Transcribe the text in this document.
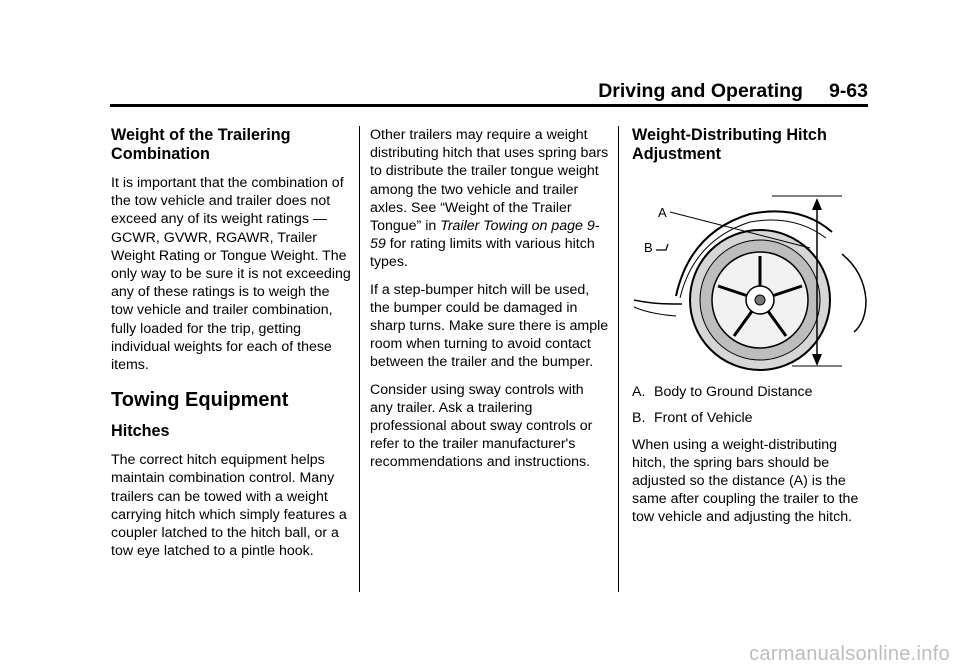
Driving and Operating 9-63
Weight of the Trailering Combination

It is important that the combination of the tow vehicle and trailer does not exceed any of its weight ratings — GCWR, GVWR, RGAWR, Trailer Weight Rating or Tongue Weight. The only way to be sure it is not exceeding any of these ratings is to weigh the tow vehicle and trailer combination, fully loaded for the trip, getting individual weights for each of these items.

Towing Equipment
Hitches

The correct hitch equipment helps maintain combination control. Many trailers can be towed with a weight carrying hitch which simply features a coupler latched to the hitch ball, or a tow eye latched to a pintle hook.

Other trailers may require a weight distributing hitch that uses spring bars to distribute the trailer tongue weight among the two vehicle and trailer axles. See “Weight of the Trailer Tongue” in Trailer Towing on page 9-59 for rating limits with various hitch types.

If a step-bumper hitch will be used, the bumper could be damaged in sharp turns. Make sure there is ample room when turning to avoid contact between the trailer and the bumper.

Consider using sway controls with any trailer. Ask a trailering professional about sway controls or refer to the trailer manufacturer's recommendations and instructions.

Weight-Distributing Hitch Adjustment
A
B
A. Body to Ground Distance
B. Front of Vehicle

When using a weight-distributing hitch, the spring bars should be adjusted so the distance (A) is the same after coupling the trailer to the tow vehicle and adjusting the hitch.

carmanualsonline.info
